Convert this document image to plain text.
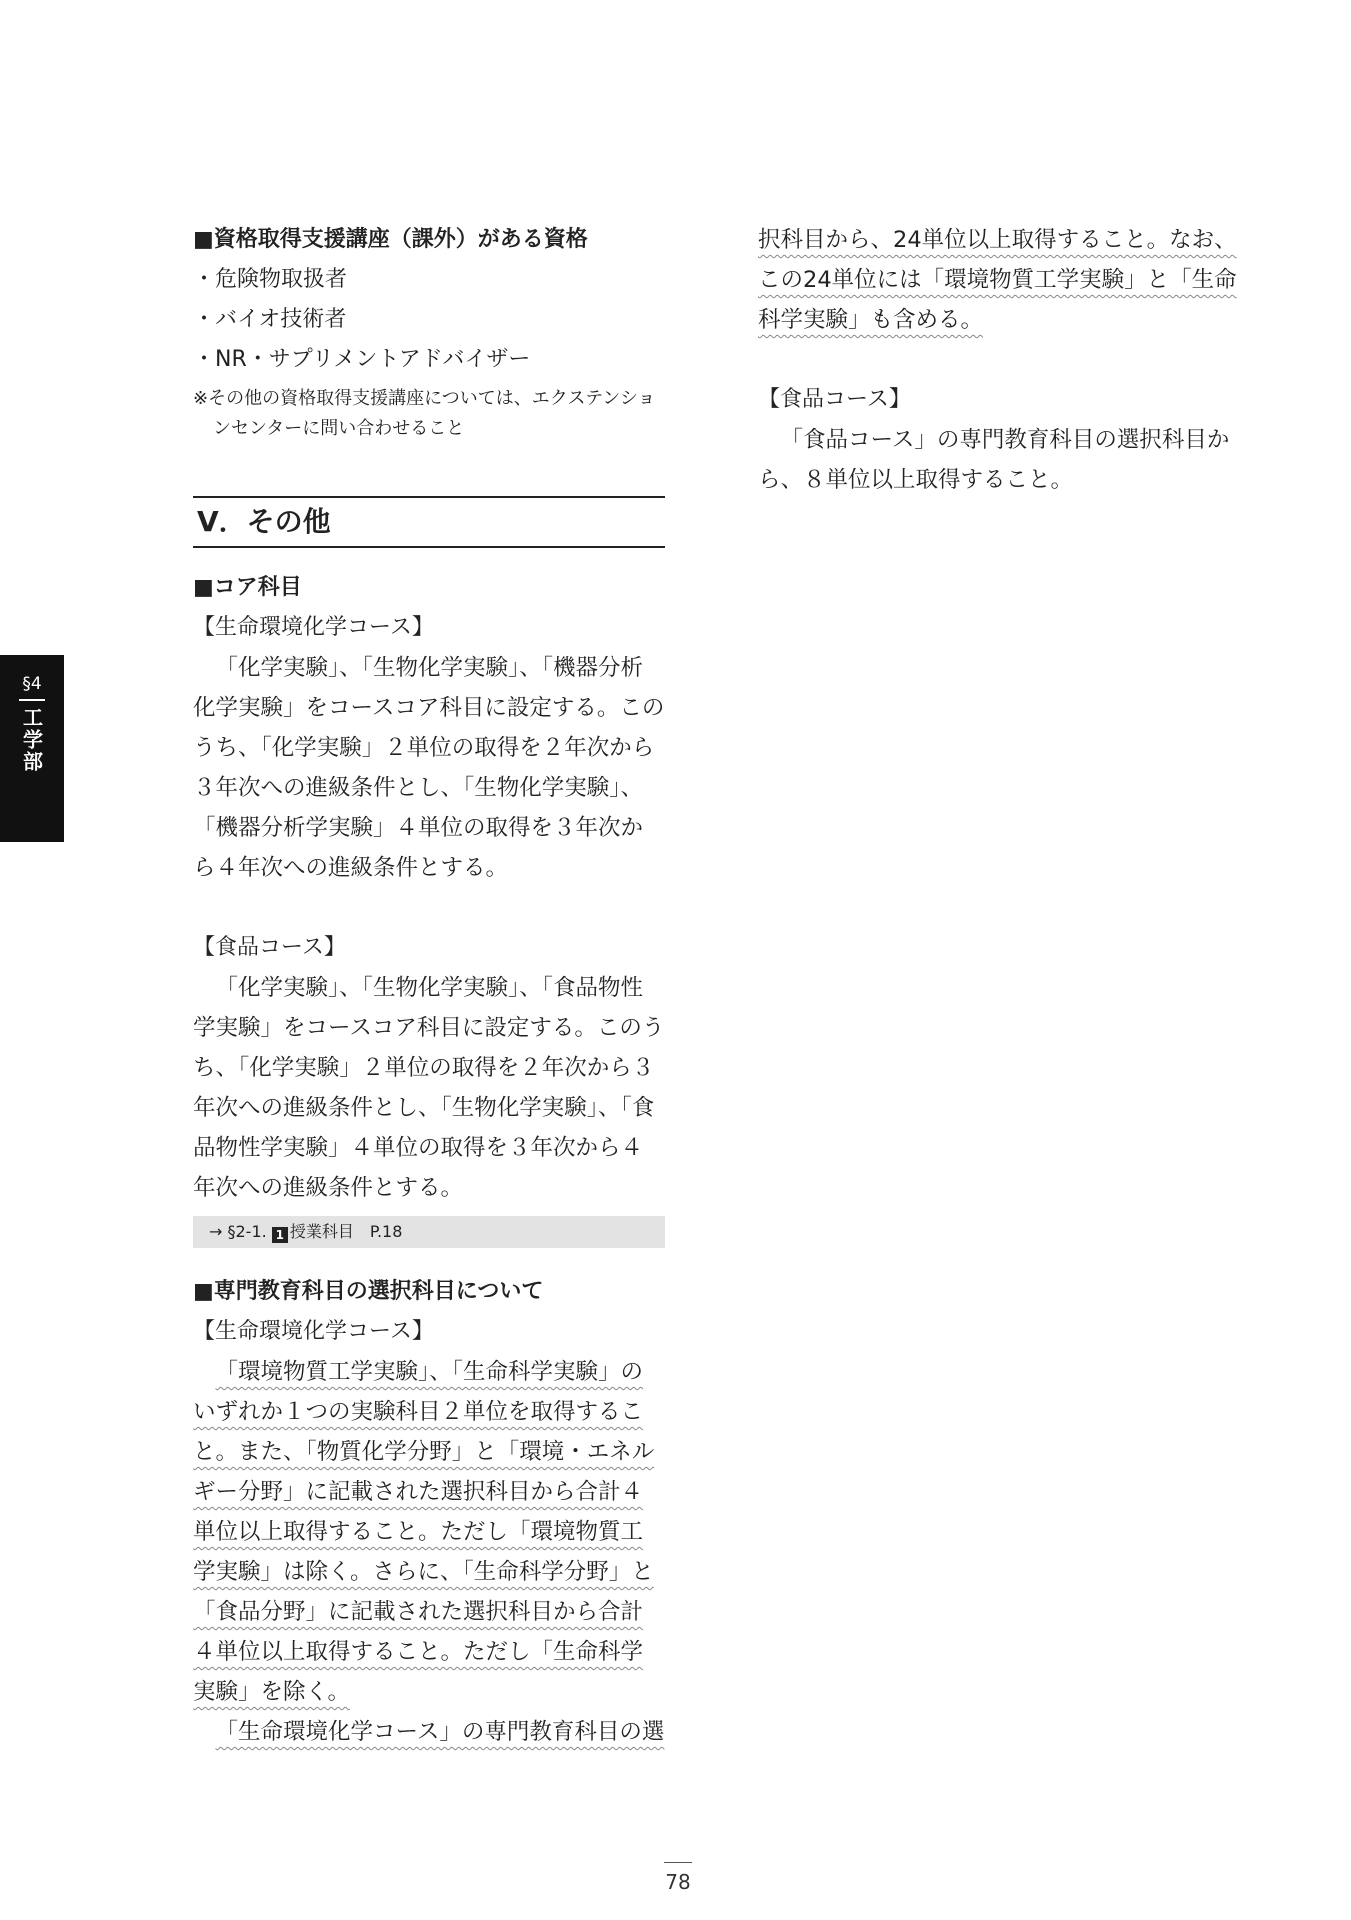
§4
工学部
■資格取得支援講座（課外）がある資格
・危険物取扱者
・バイオ技術者
・NR・サプリメントアドバイザー
※その他の資格取得支援講座については、エクステンションセンターに問い合わせること
Ⅴ．その他
■コア科目
【生命環境化学コース】
「化学実験」、「生物化学実験」、「機器分析化学実験」をコースコア科目に設定する。このうち、「化学実験」２単位の取得を２年次から３年次への進級条件とし、「生物化学実験」、「機器分析学実験」４単位の取得を３年次から４年次への進級条件とする。
【食品コース】
「化学実験」、「生物化学実験」、「食品物性学実験」をコースコア科目に設定する。このうち、「化学実験」２単位の取得を２年次から３年次への進級条件とし、「生物化学実験」、「食品物性学実験」４単位の取得を３年次から４年次への進級条件とする。
→ §2-1. 1 授業科目　P.18
■専門教育科目の選択科目について
【生命環境化学コース】
「環境物質工学実験」、「生命科学実験」のいずれか１つの実験科目２単位を取得すること。また、「物質化学分野」と「環境・エネルギー分野」に記載された選択科目から合計４単位以上取得すること。ただし「環境物質工学実験」は除く。さらに、「生命科学分野」と「食品分野」に記載された選択科目から合計４単位以上取得すること。ただし「生命科学実験」を除く。
「生命環境化学コース」の専門教育科目の選
択科目から、24単位以上取得すること。なお、この24単位には「環境物質工学実験」と「生命科学実験」も含める。
【食品コース】
「食品コース」の専門教育科目の選択科目から、８単位以上取得すること。
78
